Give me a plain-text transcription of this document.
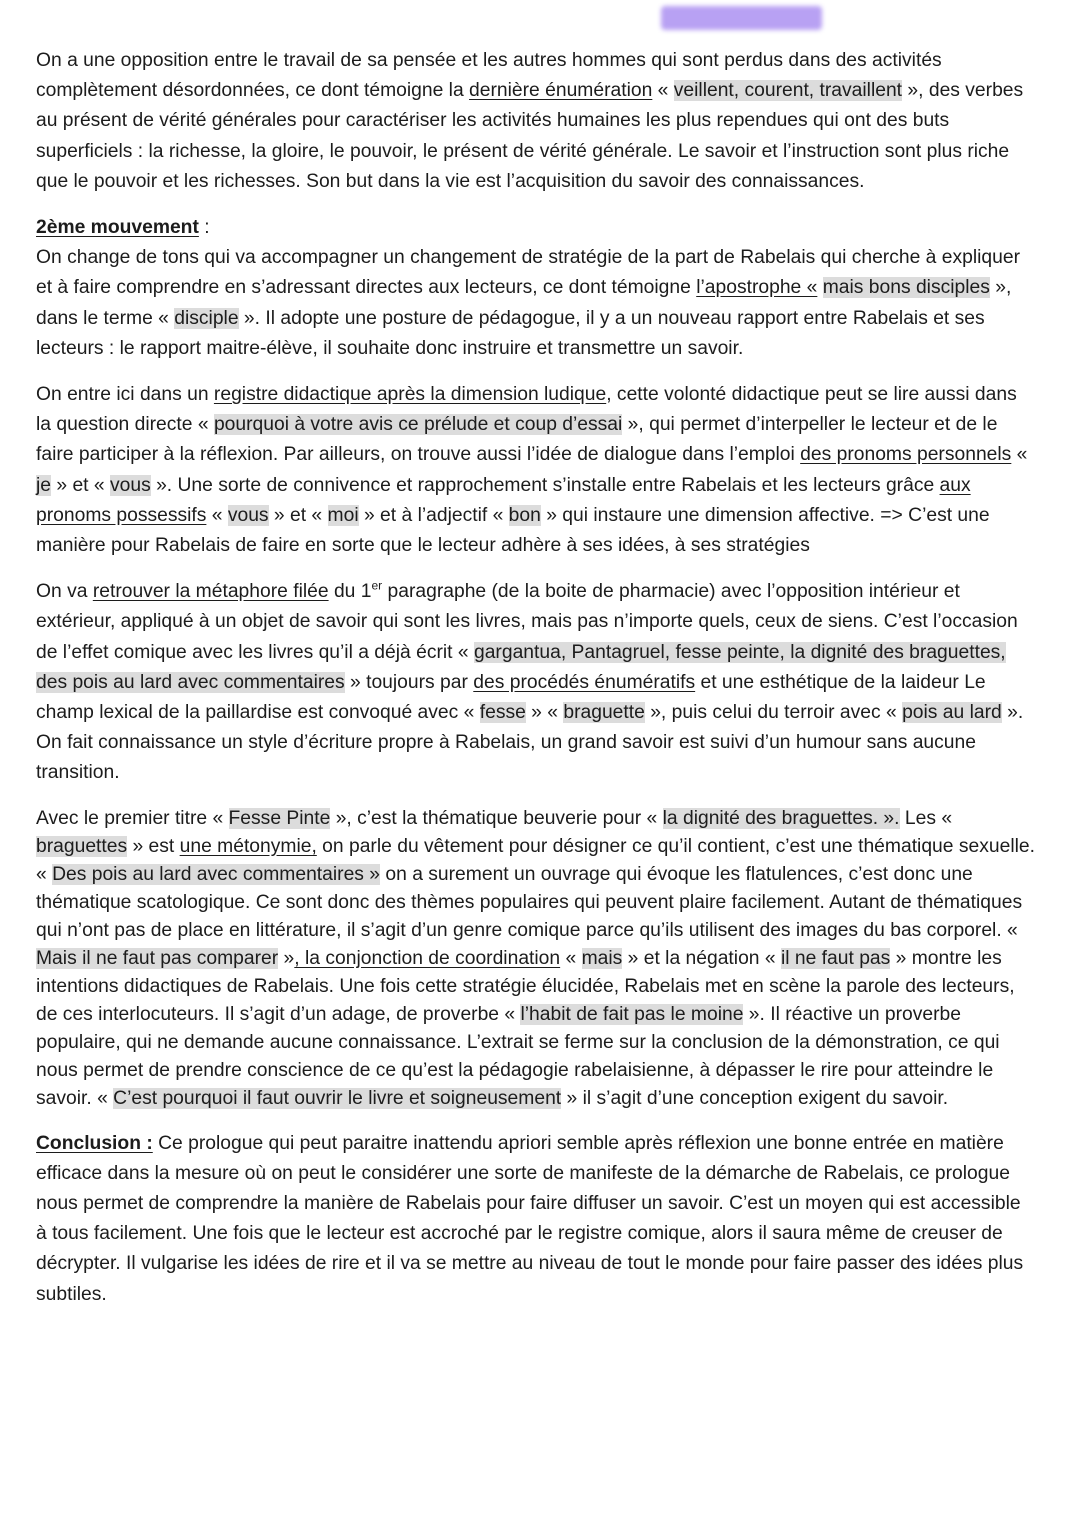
On a une opposition entre le travail de sa pensée et les autres hommes qui sont perdus dans des activités complètement désordonnées, ce dont témoigne la dernière énumération « veillent, courent, travaillent », des verbes au présent de vérité générales pour caractériser les activités humaines les plus rependues qui ont des buts superficiels : la richesse, la gloire, le pouvoir, le présent de vérité générale. Le savoir et l’instruction sont plus riche que le pouvoir et les richesses. Son but dans la vie est l’acquisition du savoir des connaissances.

2ème mouvement :
On change de tons qui va accompagner un changement de stratégie de la part de Rabelais qui cherche à expliquer et à faire comprendre en s’adressant directes aux lecteurs, ce dont témoigne l’apostrophe « mais bons disciples », dans le terme « disciple ». Il adopte une posture de pédagogue, il y a un nouveau rapport entre Rabelais et ses lecteurs : le rapport maitre-élève, il souhaite donc instruire et transmettre un savoir.

On entre ici dans un registre didactique après la dimension ludique, cette volonté didactique peut se lire aussi dans la question directe « pourquoi à votre avis ce prélude et coup d’essai », qui permet d’interpeller le lecteur et de le faire participer à la réflexion. Par ailleurs, on trouve aussi l’idée de dialogue dans l’emploi des pronoms personnels « je » et « vous ». Une sorte de connivence et rapprochement s’installe entre Rabelais et les lecteurs grâce aux pronoms possessifs « vous » et « moi » et à l’adjectif « bon » qui instaure une dimension affective. => C’est une manière pour Rabelais de faire en sorte que le lecteur adhère à ses idées, à ses stratégies

On va retrouver la métaphore filée du 1er paragraphe (de la boite de pharmacie) avec l’opposition intérieur et extérieur, appliqué à un objet de savoir qui sont les livres, mais pas n’importe quels, ceux de siens. C’est l’occasion de l’effet comique avec les livres qu’il a déjà écrit « gargantua, Pantagruel, fesse peinte, la dignité des braguettes, des pois au lard avec commentaires » toujours par des procédés énumératifs et une esthétique de la laideur Le champ lexical de la paillardise est convoqué avec « fesse » « braguette », puis celui du terroir avec « pois au lard ». On fait connaissance un style d’écriture propre à Rabelais, un grand savoir est suivi d’un humour sans aucune transition.

Avec le premier titre « Fesse Pinte », c’est la thématique beuverie pour « la dignité des braguettes. ». Les « braguettes » est une métonymie, on parle du vêtement pour désigner ce qu’il contient, c’est une thématique sexuelle. « Des pois au lard avec commentaires » on a surement un ouvrage qui évoque les flatulences, c’est donc une thématique scatologique. Ce sont donc des thèmes populaires qui peuvent plaire facilement. Autant de thématiques qui n’ont pas de place en littérature, il s’agit d’un genre comique parce qu’ils utilisent des images du bas corporel. « Mais il ne faut pas comparer », la conjonction de coordination « mais » et la négation « il ne faut pas » montre les intentions didactiques de Rabelais. Une fois cette stratégie élucidée, Rabelais met en scène la parole des lecteurs, de ces interlocuteurs. Il s’agit d’un adage, de proverbe « l’habit de fait pas le moine ». Il réactive un proverbe populaire, qui ne demande aucune connaissance. L’extrait se ferme sur la conclusion de la démonstration, ce qui nous permet de prendre conscience de ce qu’est la pédagogie rabelaisienne, à dépasser le rire pour atteindre le savoir. « C’est pourquoi il faut ouvrir le livre et soigneusement » il s’agit d’une conception exigent du savoir.

Conclusion : Ce prologue qui peut paraitre inattendu apriori semble après réflexion une bonne entrée en matière efficace dans la mesure où on peut le considérer une sorte de manifeste de la démarche de Rabelais, ce prologue nous permet de comprendre la manière de Rabelais pour faire diffuser un savoir. C’est un moyen qui est accessible à tous facilement. Une fois que le lecteur est accroché par le registre comique, alors il saura même de creuser de décrypter. Il vulgarise les idées de rire et il va se mettre au niveau de tout le monde pour faire passer des idées plus subtiles.
